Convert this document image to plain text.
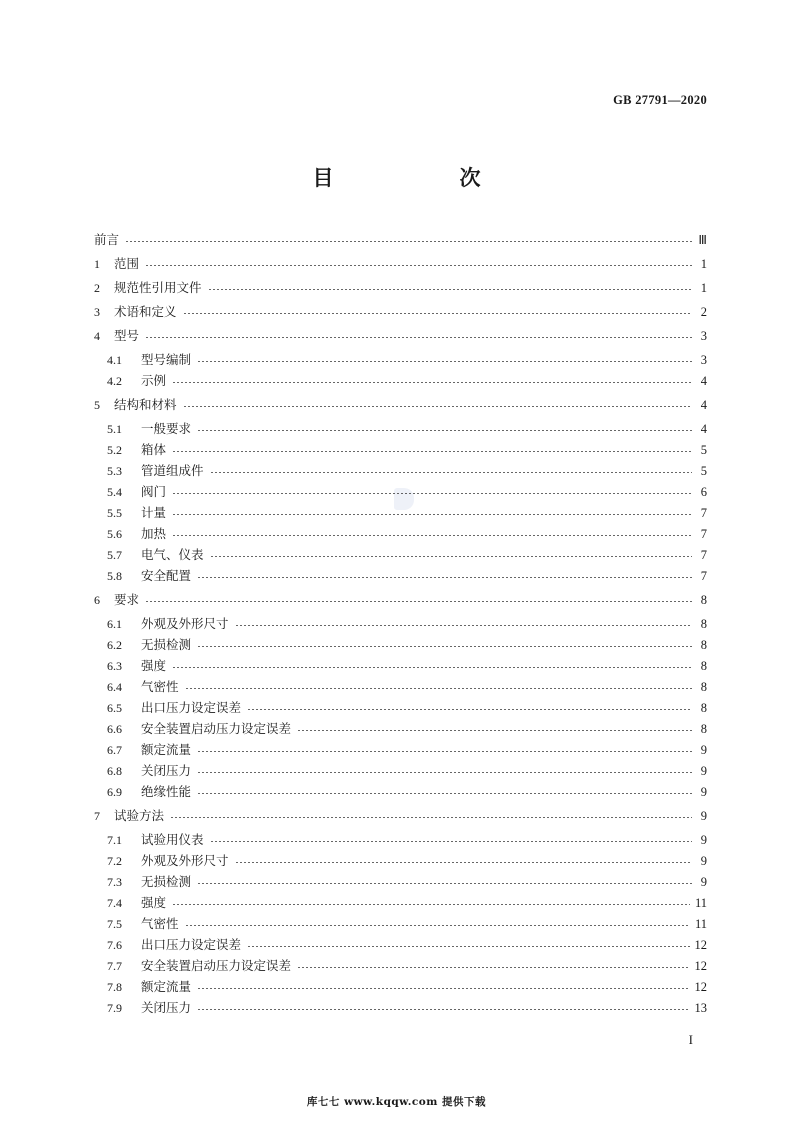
GB 27791—2020
目　　次
前言	Ⅲ
1	范围	1
2	规范性引用文件	1
3	术语和定义	2
4	型号	3
4.1	型号编制	3
4.2	示例	4
5	结构和材料	4
5.1	一般要求	4
5.2	箱体	5
5.3	管道组成件	5
5.4	阀门	6
5.5	计量	7
5.6	加热	7
5.7	电气、仪表	7
5.8	安全配置	7
6	要求	8
6.1	外观及外形尺寸	8
6.2	无损检测	8
6.3	强度	8
6.4	气密性	8
6.5	出口压力设定误差	8
6.6	安全装置启动压力设定误差	8
6.7	额定流量	9
6.8	关闭压力	9
6.9	绝缘性能	9
7	试验方法	9
7.1	试验用仪表	9
7.2	外观及外形尺寸	9
7.3	无损检测	9
7.4	强度	11
7.5	气密性	11
7.6	出口压力设定误差	12
7.7	安全装置启动压力设定误差	12
7.8	额定流量	12
7.9	关闭压力	13
I
库七七 www.kqqw.com 提供下载
